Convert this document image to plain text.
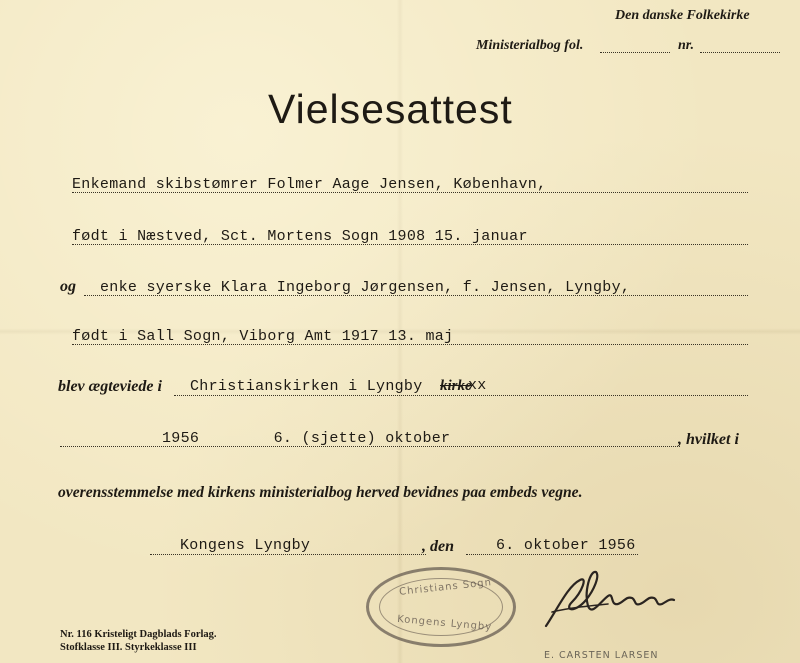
Den danske Folkekirke
Ministerialbog fol.	nr.
Vielsesattest
Enkemand skibstømrer Folmer Aage Jensen, København,
født i Næstved, Sct. Mortens Sogn 1908 15. januar
og enke syerske Klara Ingeborg Jørgensen, f. Jensen, Lyngby,
født i Sall Sogn, Viborg Amt 1917 13. maj
blev ægteviede i Christianskirken i Lyngby kirke
xx
1956        6. (sjette) oktober	, hvilket i
overensstemmelse med kirkens ministerialbog herved bevidnes paa embeds vegne.
Kongens Lyngby	, den	6. oktober 1956
Christians Sogn
Kongens Lyngby
E. CARSTEN LARSEN
Nr. 116 Kristeligt Dagblads Forlag.
Stofklasse III. Styrkeklasse III
